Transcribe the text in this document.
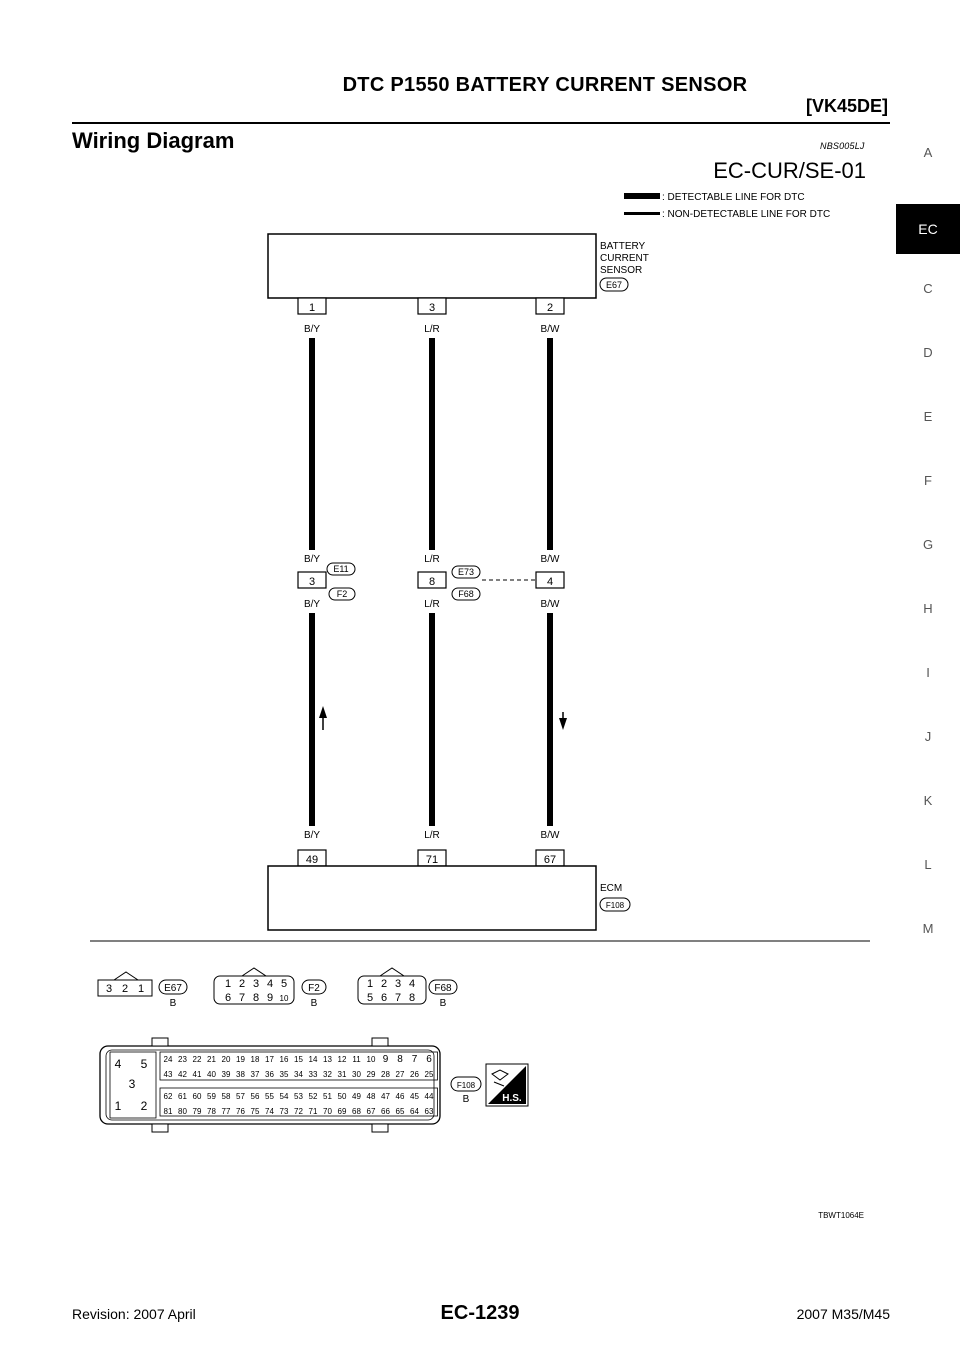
DTC P1550 BATTERY CURRENT SENSOR
[VK45DE]
Wiring Diagram	NBS005LJ	A
EC
C
D
E
F
G
H
I
J
K
L
M
EC-CUR/SE-01
: DETECTABLE LINE FOR DTC
: NON-DETECTABLE LINE FOR DTC
BATTERY
CURRENT
SENSOR
E67
1
B/Y
B/Y
3
B/Y
B/Y
49
3
L/R
L/R
8
L/R
L/R
71
2
B/W
B/W
4
B/W
B/W
67
E11
F2
E73
F68
ECM
F108
3 2 1 E67
B
1 2 3 4 5
6 7 8 9 10
F2
B
1 2 3 4
5 6 7 8
F68
B
4 5
3
1 2
24 23 22 21 20 19 18 17 16 15 14 13 12 11 10 9 8 7 6
43 42 41 40 39 38 37 36 35 34 33 32 31 30 29 28 27 26 25
62 61 60 59 58 57 56 55 54 53 52 51 50 49 48 47 46 45 44
81 80 79 78 77 76 75 74 73 72 71 70 69 68 67 66 65 64 63
F108
B	H.S.
TBWT1064E
Revision: 2007 April	EC-1239	2007 M35/M45
